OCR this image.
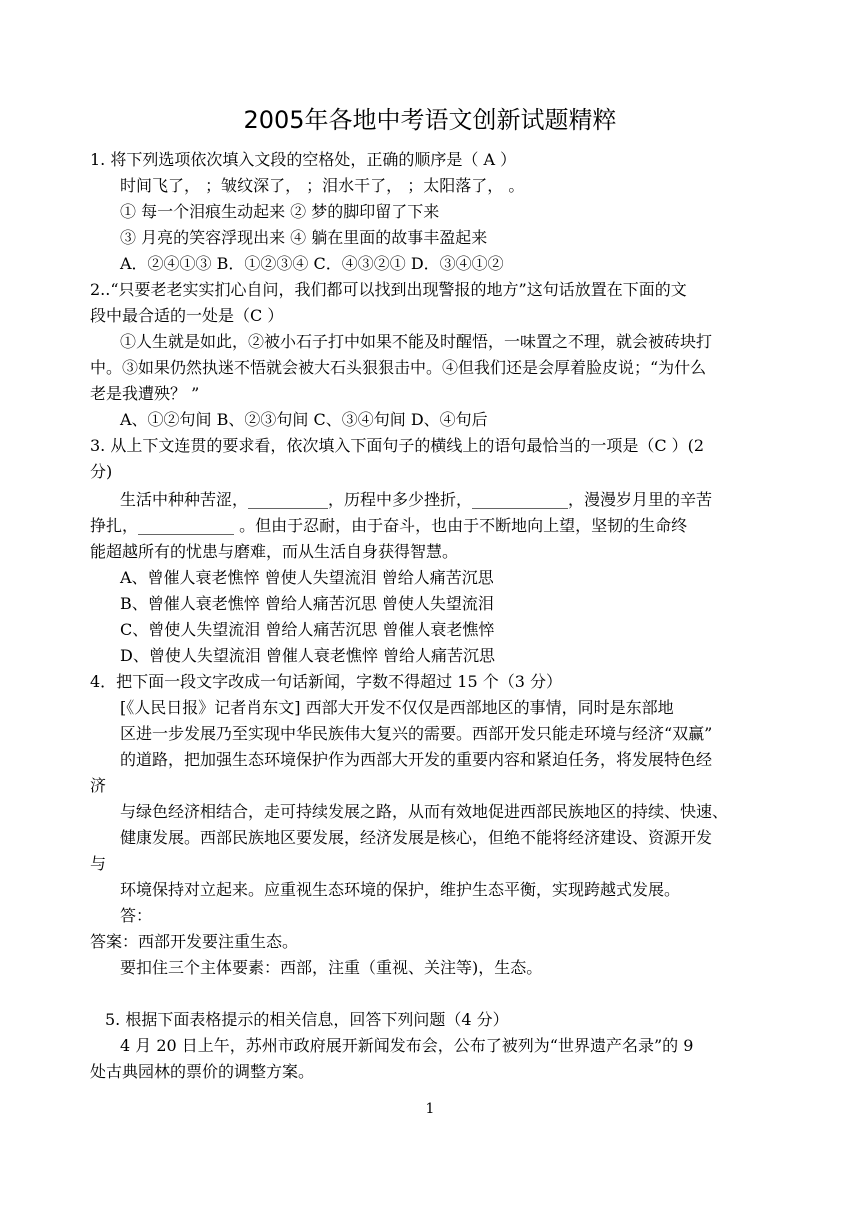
2005年各地中考语文创新试题精粹
1. 将下列选项依次填入文段的空格处，正确的顺序是（ A ）
时间飞了， ；皱纹深了， ；泪水干了， ；太阳落了， 。
① 每一个泪痕生动起来 ② 梦的脚印留了下来
③ 月亮的笑容浮现出来 ④ 躺在里面的故事丰盈起来
A．②④①③ B．①②③④ C．④③②① D．③④①②
2..“只要老老实实扪心自问，我们都可以找到出现警报的地方”这句话放置在下面的文
段中最合适的一处是（C ）
①人生就是如此，②被小石子打中如果不能及时醒悟，一味置之不理，就会被砖块打
中。③如果仍然执迷不悟就会被大石头狠狠击中。④但我们还是会厚着脸皮说；“为什么
老是我遭殃？ ”
A、①②句间 B、②③句间 C、③④句间 D、④句后
3. 从上下文连贯的要求看，依次填入下面句子的横线上的语句最恰当的一项是（C ）(2
分)
生活中种种苦涩，__________，历程中多少挫折，____________，漫漫岁月里的辛苦
挣扎，____________ 。但由于忍耐，由于奋斗，也由于不断地向上望，坚韧的生命终
能超越所有的忧患与磨难，而从生活自身获得智慧。
A、曾催人衰老憔悴 曾使人失望流泪 曾给人痛苦沉思
B、曾催人衰老憔悴 曾给人痛苦沉思 曾使人失望流泪
C、曾使人失望流泪 曾给人痛苦沉思 曾催人衰老憔悴
D、曾使人失望流泪 曾催人衰老憔悴 曾给人痛苦沉思
4．把下面一段文字改成一句话新闻，字数不得超过 15 个（3 分）
[《人民日报》记者肖东文] 西部大开发不仅仅是西部地区的事情，同时是东部地
区进一步发展乃至实现中华民族伟大复兴的需要。西部开发只能走环境与经济“双赢”
的道路，把加强生态环境保护作为西部大开发的重要内容和紧迫任务，将发展特色经
济
与绿色经济相结合，走可持续发展之路，从而有效地促进西部民族地区的持续、快速、
健康发展。西部民族地区要发展，经济发展是核心，但绝不能将经济建设、资源开发
与
环境保持对立起来。应重视生态环境的保护，维护生态平衡，实现跨越式发展。
答：
答案：西部开发要注重生态。
要扣住三个主体要素：西部，注重（重视、关注等)，生态。
5. 根据下面表格提示的相关信息，回答下列问题（4 分）
4 月 20 日上午，苏州市政府展开新闻发布会，公布了被列为“世界遗产名录”的 9
处古典园林的票价的调整方案。
1
